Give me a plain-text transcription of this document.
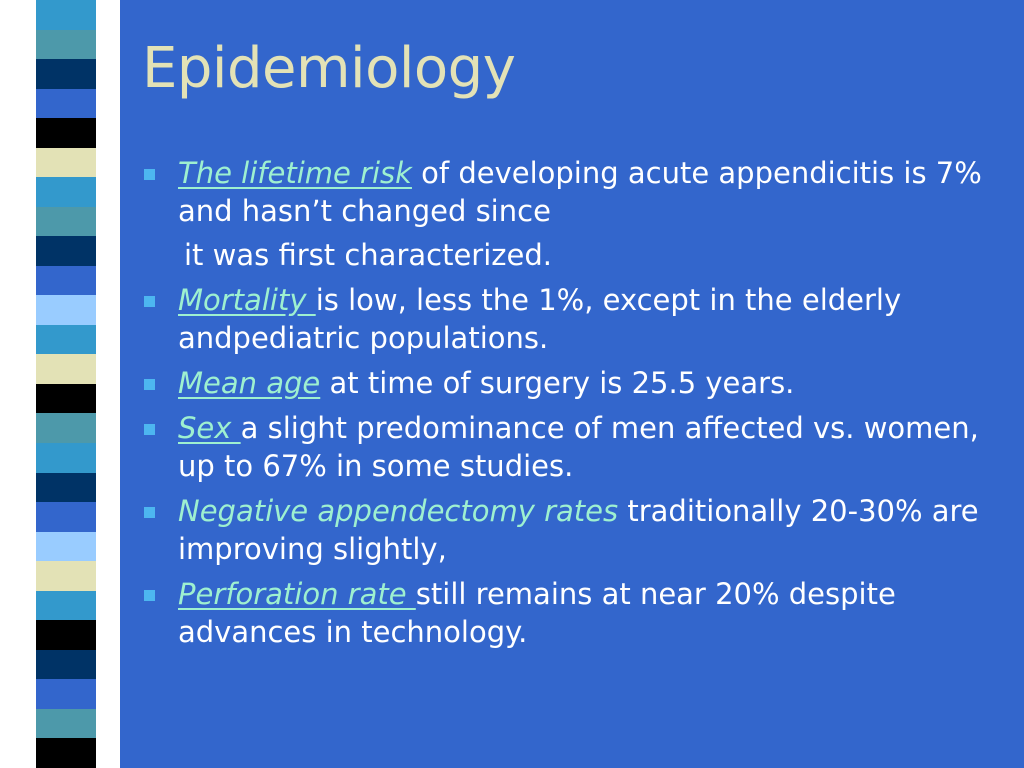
Epidemiology
The lifetime risk of developing acute appendicitis is 7% and hasn’t changed since
it was first characterized.
Mortality is low, less the 1%, except in the elderly andpediatric populations.
Mean age at time of surgery is 25.5 years.
Sex a slight predominance of men affected vs. women, up to 67% in some studies.
Negative appendectomy rates traditionally 20-30% are improving slightly,
Perforation rate still remains at near 20% despite advances in technology.
